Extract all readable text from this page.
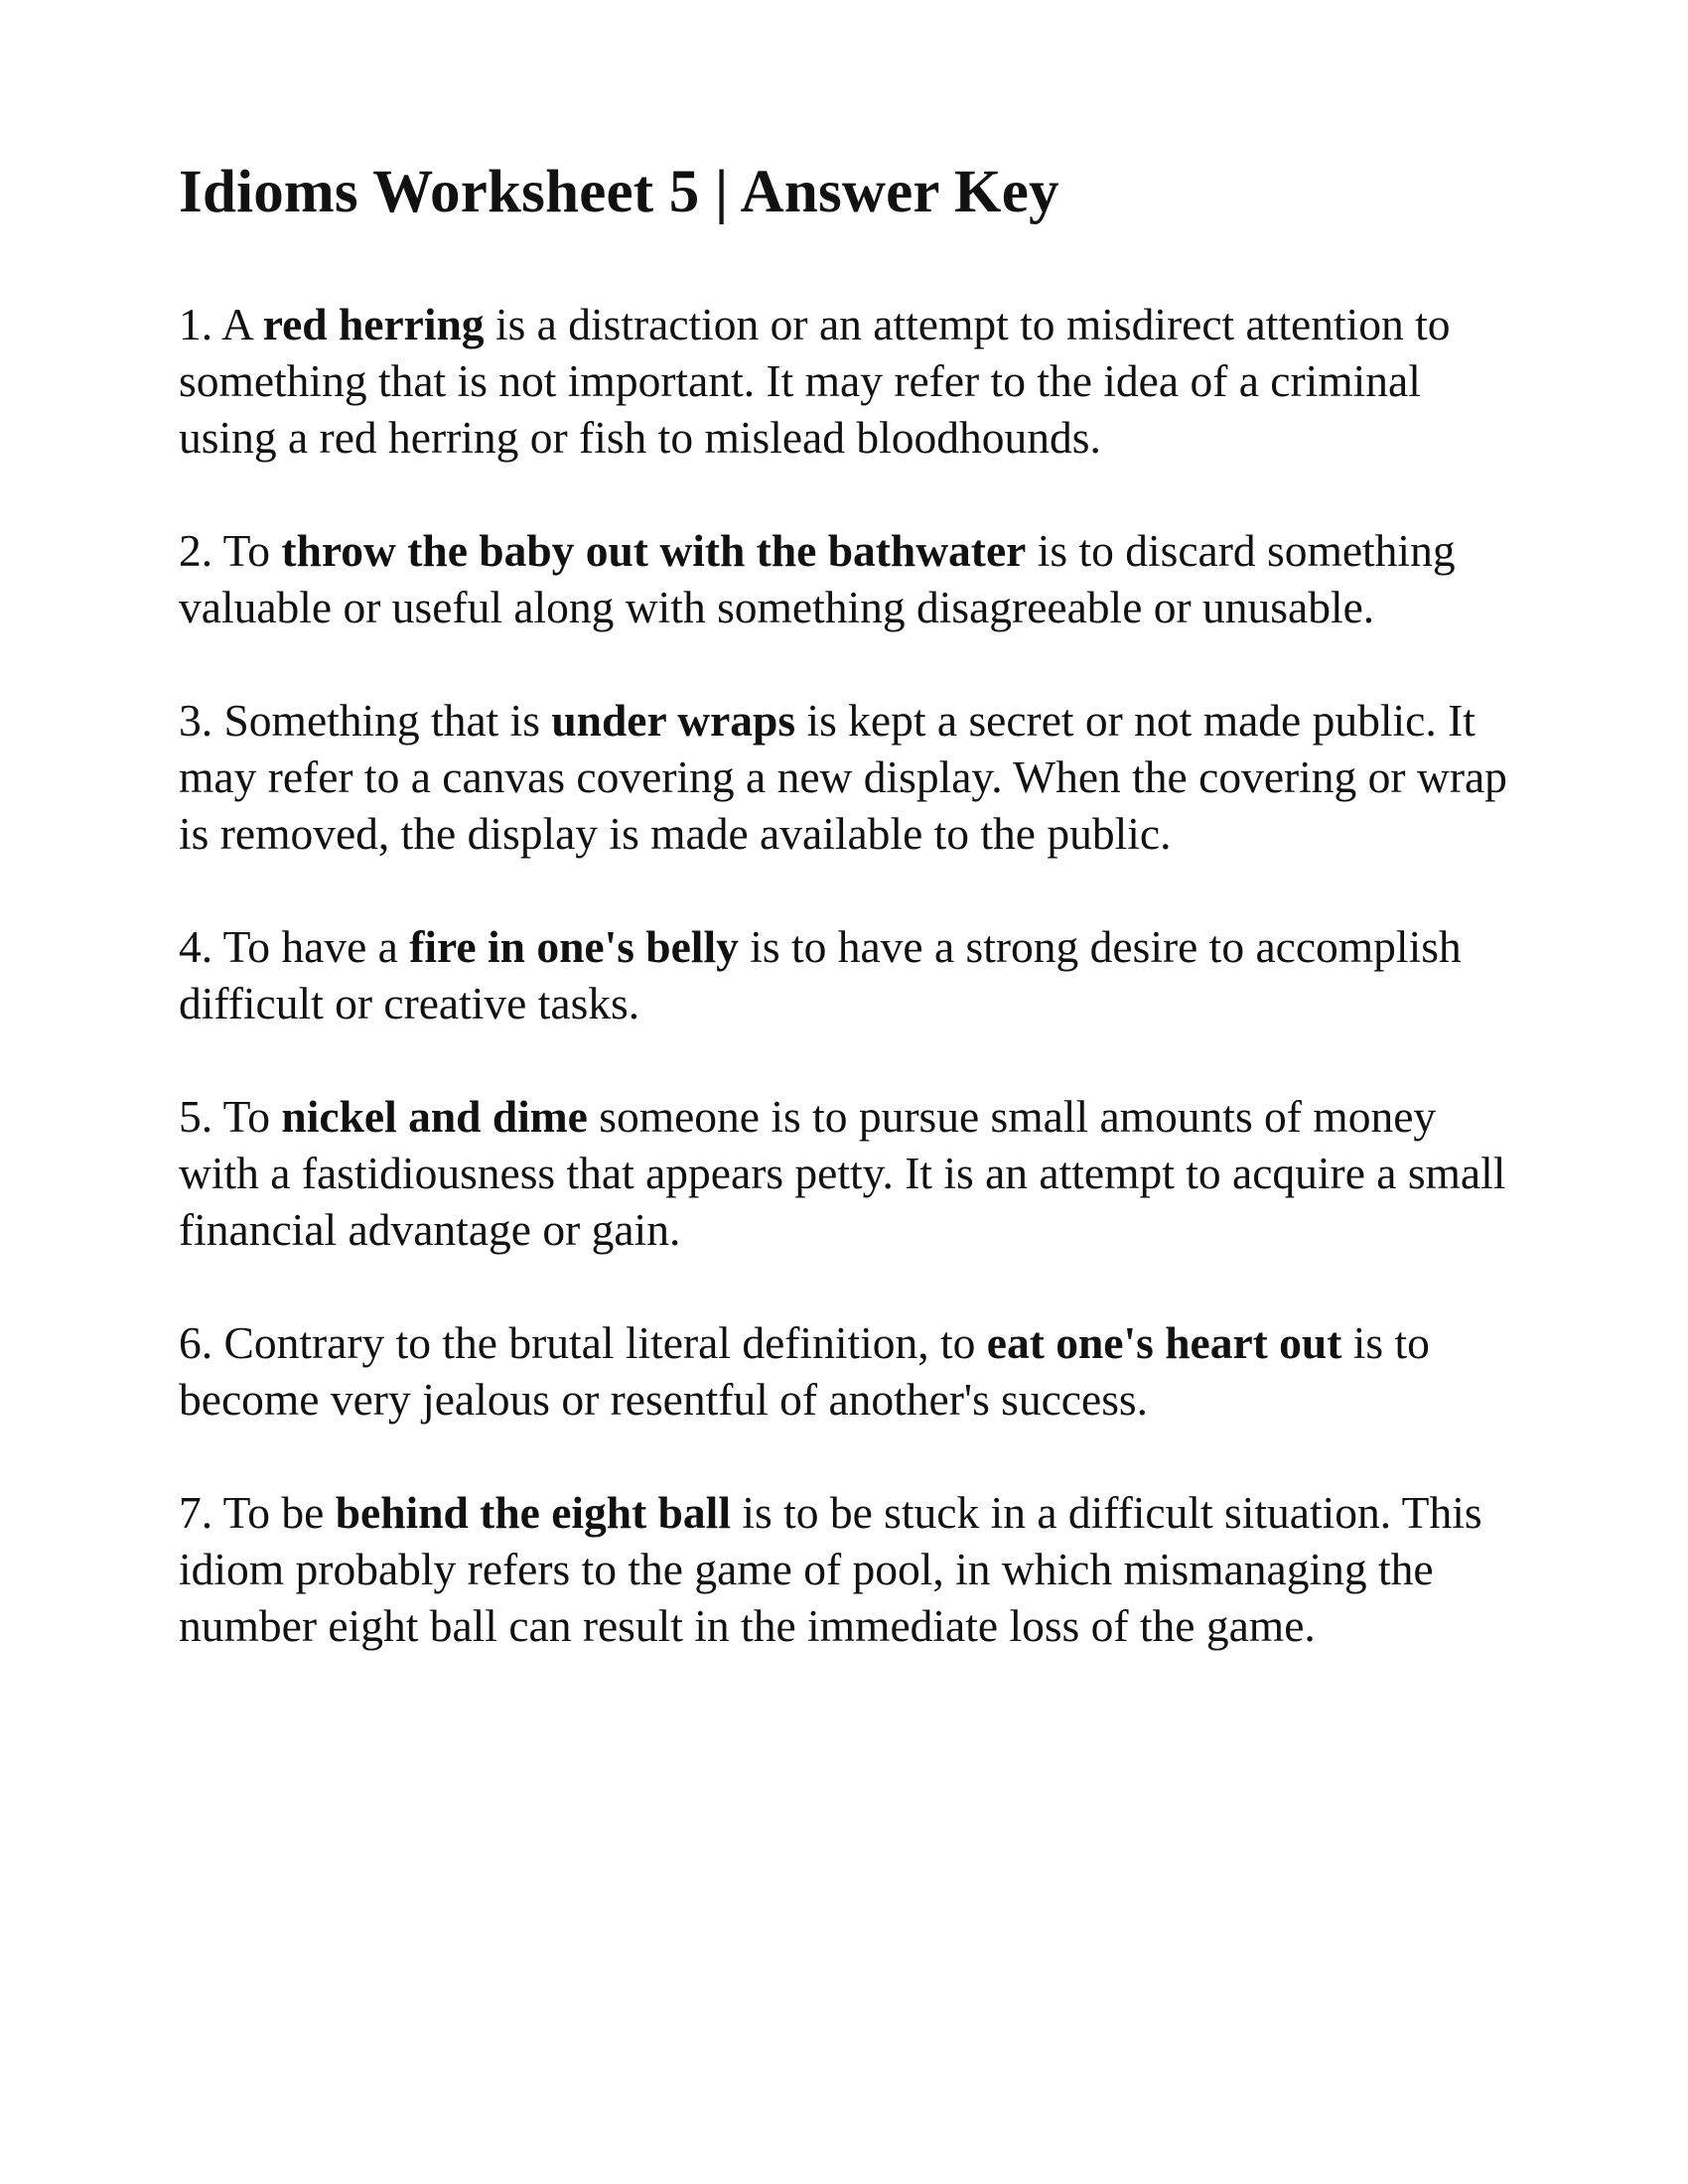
Idioms Worksheet 5 | Answer Key

1. A red herring is a distraction or an attempt to misdirect attention to something that is not important. It may refer to the idea of a criminal using a red herring or fish to mislead bloodhounds.

2. To throw the baby out with the bathwater is to discard something valuable or useful along with something disagreeable or unusable.

3. Something that is under wraps is kept a secret or not made public. It may refer to a canvas covering a new display. When the covering or wrap is removed, the display is made available to the public.

4. To have a fire in one's belly is to have a strong desire to accomplish difficult or creative tasks.

5. To nickel and dime someone is to pursue small amounts of money with a fastidiousness that appears petty. It is an attempt to acquire a small financial advantage or gain.

6. Contrary to the brutal literal definition, to eat one's heart out is to become very jealous or resentful of another's success.

7. To be behind the eight ball is to be stuck in a difficult situation. This idiom probably refers to the game of pool, in which mismanaging the number eight ball can result in the immediate loss of the game.
